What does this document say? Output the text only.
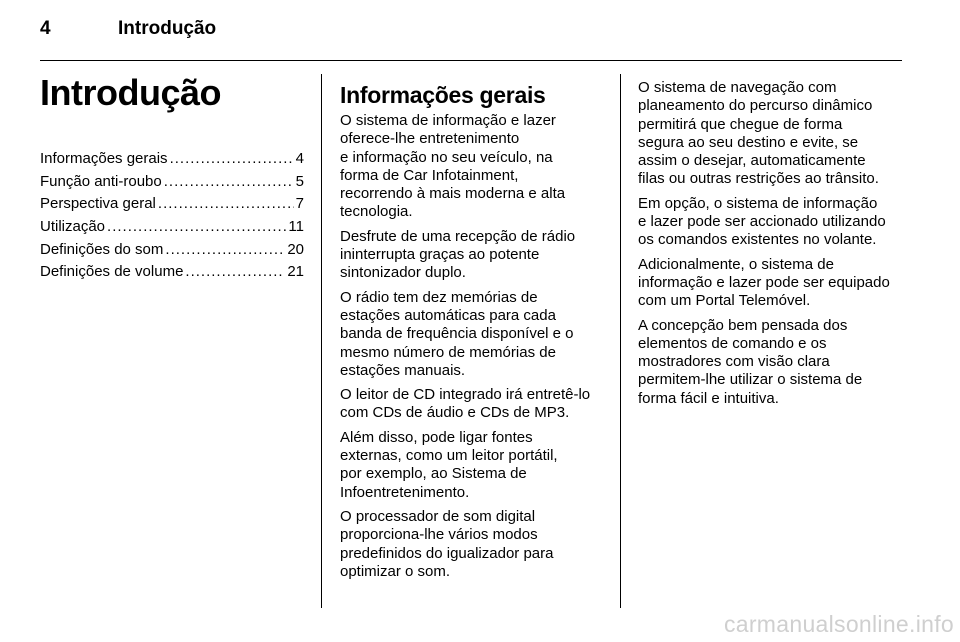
4	Introdução
Introdução
Informações gerais .....	4
Função anti-roubo .....	5
Perspectiva geral .....	7
Utilização .....	11
Definições do som .....	20
Definições de volume .....	21
Informações gerais

O sistema de informação e lazer
oferece-lhe entretenimento
e informação no seu veículo, na
forma de Car Infotainment,
recorrendo à mais moderna e alta
tecnologia.

Desfrute de uma recepção de rádio
ininterrupta graças ao potente
sintonizador duplo.

O rádio tem dez memórias de
estações automáticas para cada
banda de frequência disponível e o
mesmo número de memórias de
estações manuais.

O leitor de CD integrado irá entretê-lo
com CDs de áudio e CDs de MP3.

Além disso, pode ligar fontes
externas, como um leitor portátil,
por exemplo, ao Sistema de
Infoentretenimento.

O processador de som digital
proporciona-lhe vários modos
predefinidos do igualizador para
optimizar o som.

O sistema de navegação com
planeamento do percurso dinâmico
permitirá que chegue de forma
segura ao seu destino e evite, se
assim o desejar, automaticamente
filas ou outras restrições ao trânsito.

Em opção, o sistema de informação
e lazer pode ser accionado utilizando
os comandos existentes no volante.

Adicionalmente, o sistema de
informação e lazer pode ser equipado
com um Portal Telemóvel.

A concepção bem pensada dos
elementos de comando e os
mostradores com visão clara
permitem-lhe utilizar o sistema de
forma fácil e intuitiva.

carmanualsonline.info
